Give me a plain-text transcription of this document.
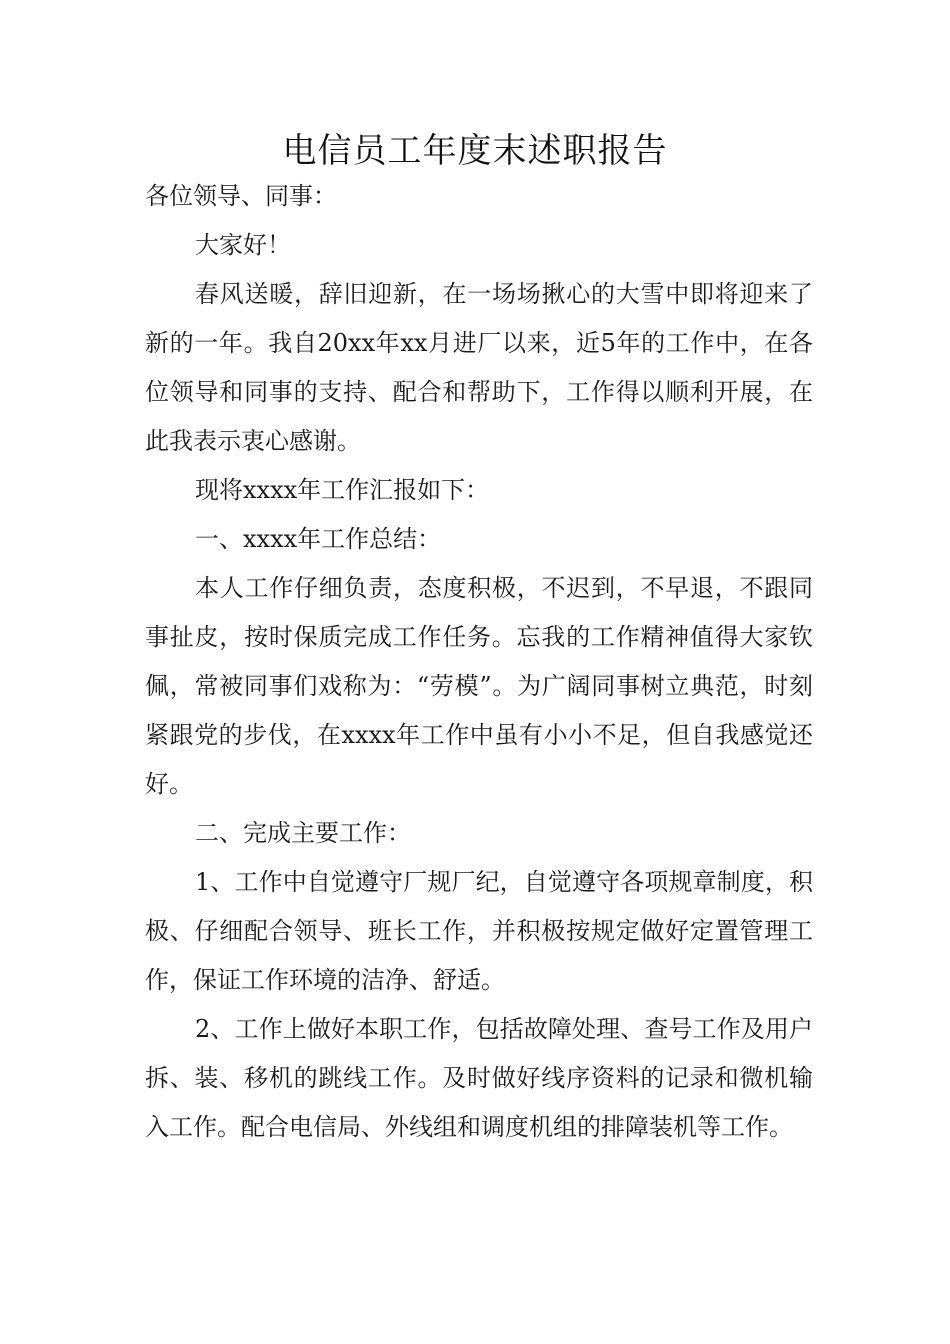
电信员工年度末述职报告

各位领导、同事：

大家好！

春风送暖，辞旧迎新，在一场场揪心的大雪中即将迎来了新的一年。我自20xx年xx月进厂以来，近5年的工作中，在各位领导和同事的支持、配合和帮助下，工作得以顺利开展，在此我表示衷心感谢。

现将xxxx年工作汇报如下：

一、xxxx年工作总结：

本人工作仔细负责，态度积极，不迟到，不早退，不跟同事扯皮，按时保质完成工作任务。忘我的工作精神值得大家钦佩，常被同事们戏称为：“劳模”。为广阔同事树立典范，时刻紧跟党的步伐，在xxxx年工作中虽有小小不足，但自我感觉还好。

二、完成主要工作：

1、工作中自觉遵守厂规厂纪，自觉遵守各项规章制度，积极、仔细配合领导、班长工作，并积极按规定做好定置管理工作，保证工作环境的洁净、舒适。

2、工作上做好本职工作，包括故障处理、查号工作及用户拆、装、移机的跳线工作。及时做好线序资料的记录和微机输入工作。配合电信局、外线组和调度机组的排障装机等工作。
